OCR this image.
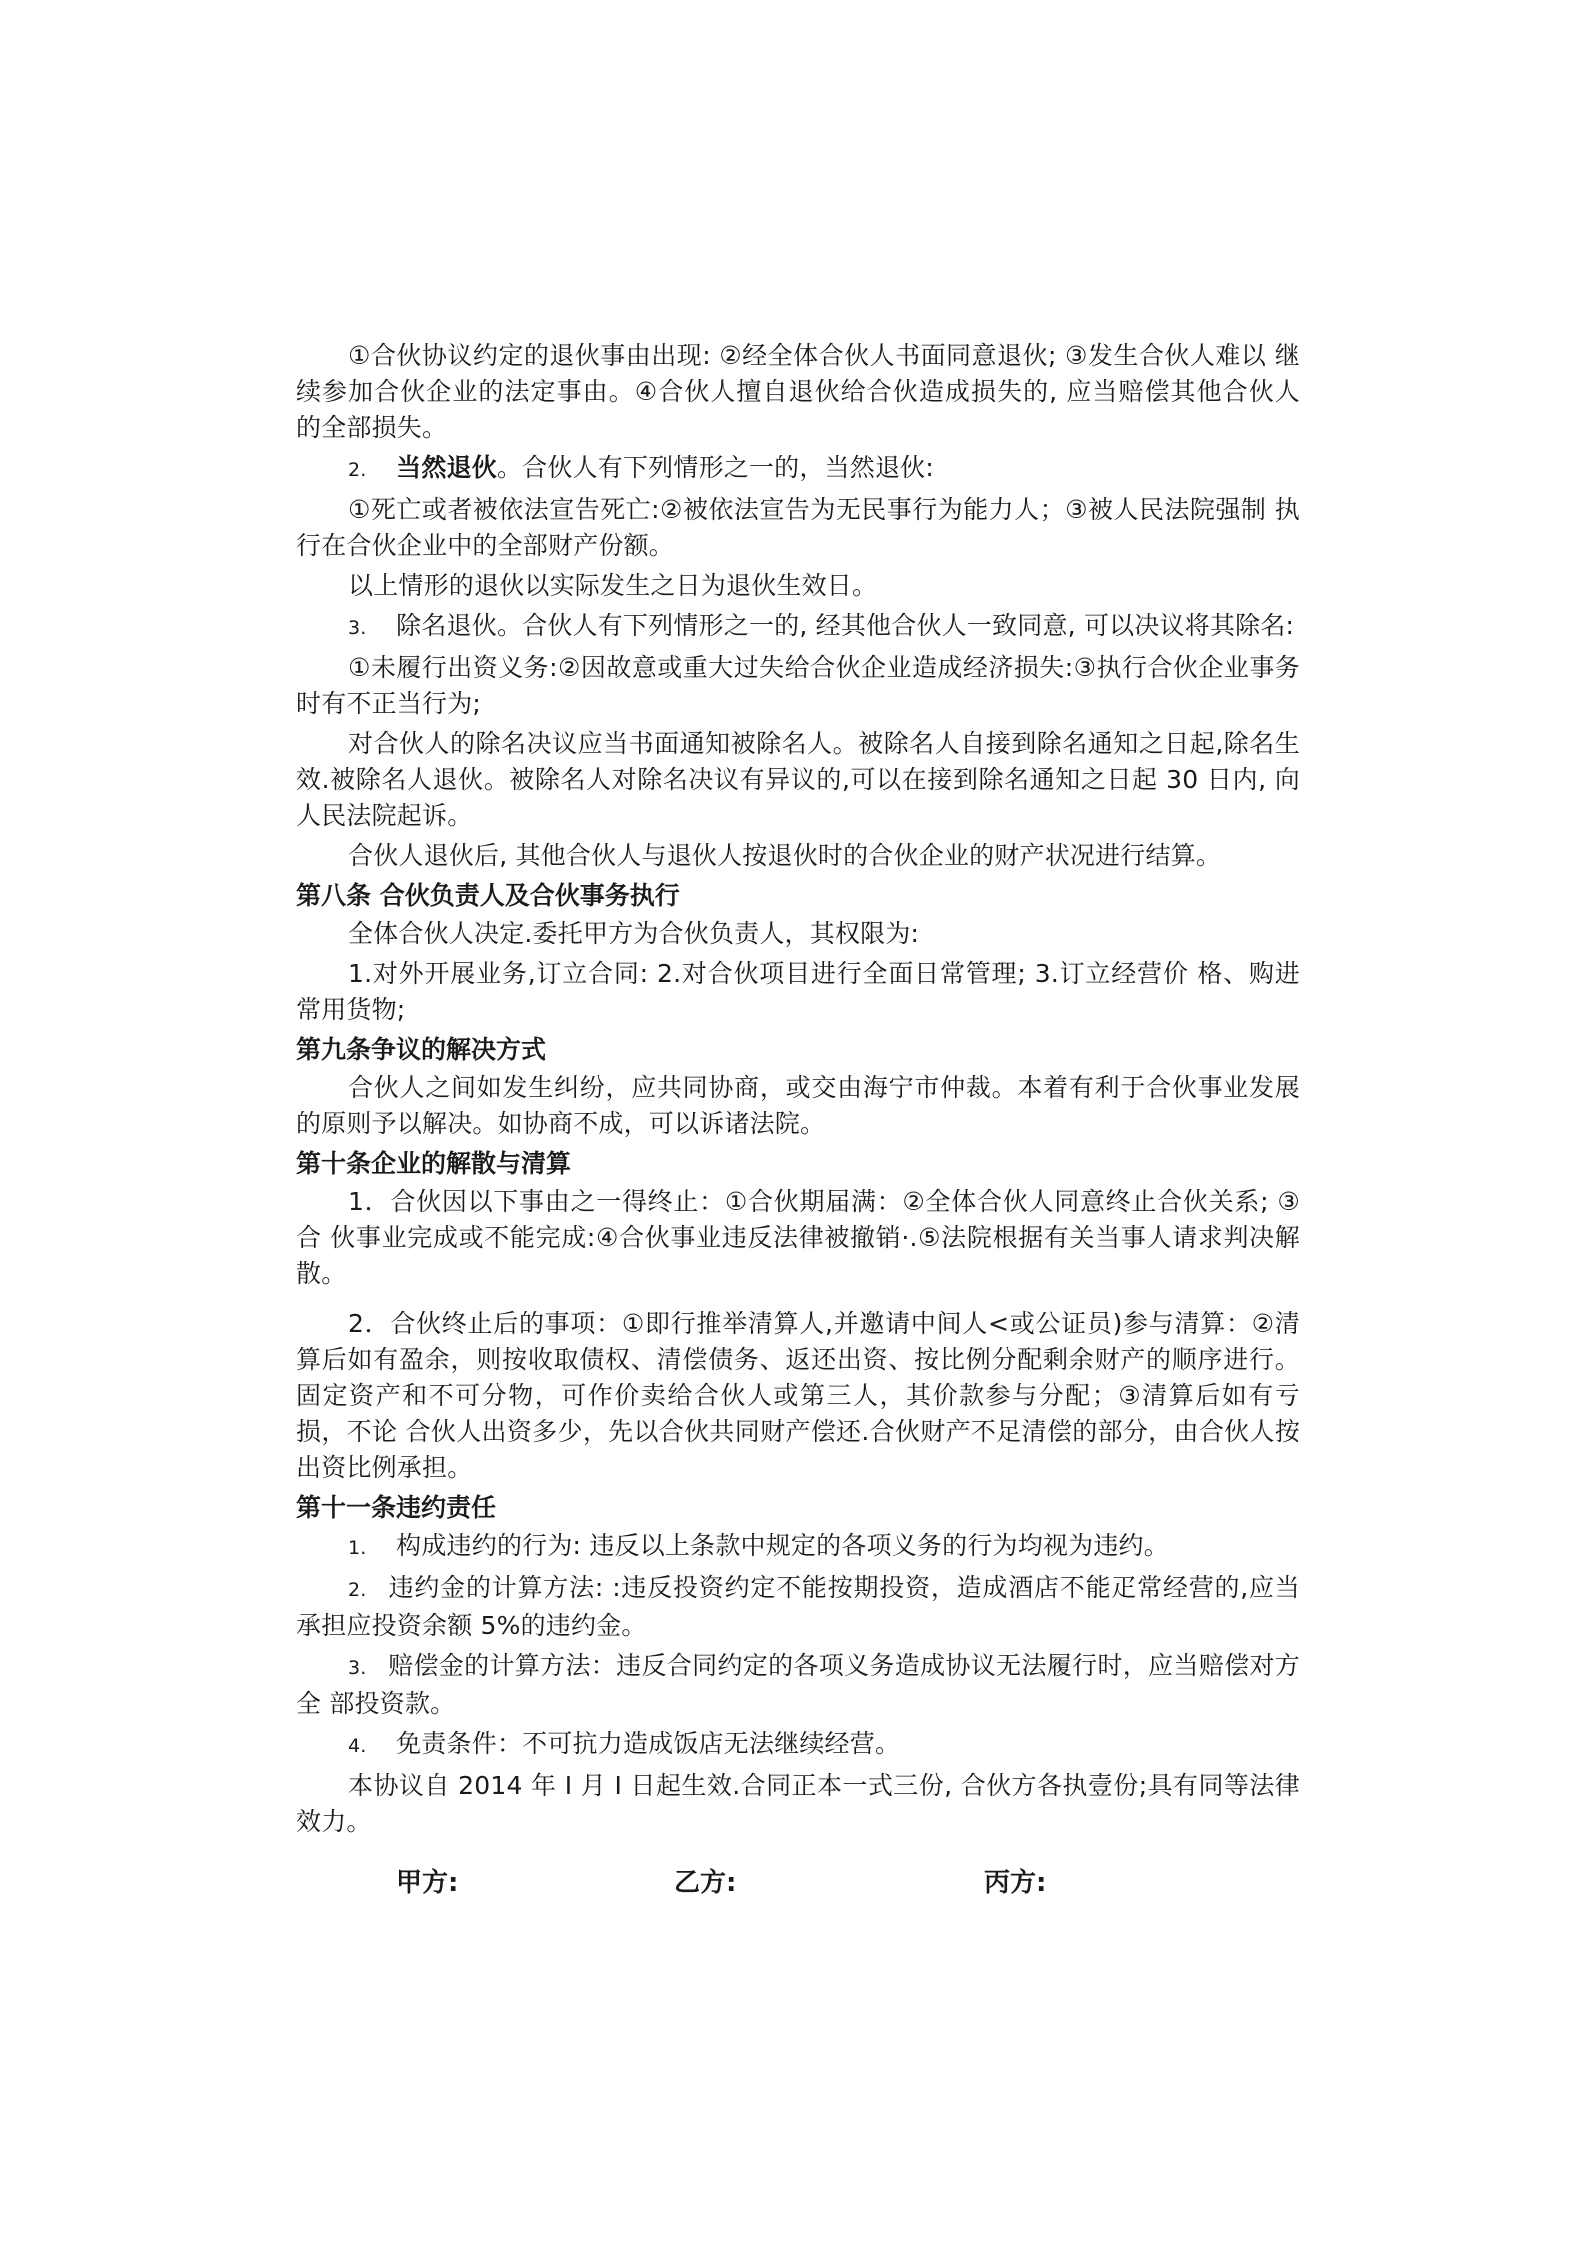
①合伙协议约定的退伙事由出现: ②经全体合伙人书面同意退伙; ③发生合伙人难以 继续参加合伙企业的法定事由。④合伙人擅自退伙给合伙造成损失的, 应当赔偿其他合伙人 的全部损失。

2. 当然退伙。合伙人有下列情形之一的，当然退伙:

①死亡或者被依法宣告死亡:②被依法宣告为无民事行为能力人；③被人民法院强制 执行在合伙企业中的全部财产份额。

以上情形的退伙以实际发生之日为退伙生效日。

3. 除名退伙。合伙人有下列情形之一的, 经其他合伙人一致同意, 可以决议将其除名:

①未履行出资义务:②因故意或重大过失给合伙企业造成经济损失:③执行合伙企业事务时有不正当行为;

对合伙人的除名决议应当书面通知被除名人。被除名人自接到除名通知之日起,除名生效.被除名人退伙。被除名人对除名决议有异议的,可以在接到除名通知之日起 30 日内, 向人民法院起诉。

合伙人退伙后, 其他合伙人与退伙人按退伙时的合伙企业的财产状况进行结算。

第八条 合伙负责人及合伙事务执行

全体合伙人决定.委托甲方为合伙负责人，其权限为:

1.对外开展业务,订立合同: 2.对合伙项目进行全面日常管理; 3.订立经营价 格、购进常用货物;

第九条争议的解决方式

合伙人之间如发生纠纷，应共同协商，或交由海宁市仲裁。本着有利于合伙事业发展的原则予以解决。如协商不成，可以诉诸法院。

第十条企业的解散与清算

1．合伙因以下事由之一得终止：①合伙期届满：②全体合伙人同意终止合伙关系; ③合 伙事业完成或不能完成:④合伙事业违反法律被撤销·.⑤法院根据有关当事人请求判决解散。

2．合伙终止后的事项：①即行推举清算人,并邀请中间人<或公证员)参与清算：②清算后如有盈余，则按收取债权、清偿债务、返还出资、按比例分配剩余财产的顺序进行。固定资产和不可分物，可作价卖给合伙人或第三人，其价款参与分配；③清算后如有亏损，不论 合伙人出资多少，先以合伙共同财产偿还.合伙财产不足清偿的部分，由合伙人按出资比例承担。

第十一条违约责任

1. 构成违约的行为: 违反以上条款中规定的各项义务的行为均视为违约。

2. 违约金的计算方法: :违反投资约定不能按期投资，造成酒店不能疋常经营的,应当承担应投资余额 5%的违约金。

3. 赔偿金的计算方法：违反合同约定的各项义务造成协议无法履行时，应当赔偿对方全 部投资款。

4. 免责条件：不可抗力造成饭店无法继续经营。

本协议自 2014 年 I 月 I 日起生效.合同正本一式三份, 合伙方各执壹份;具有同等法律 效力。

甲方:	乙方:	丙方:
